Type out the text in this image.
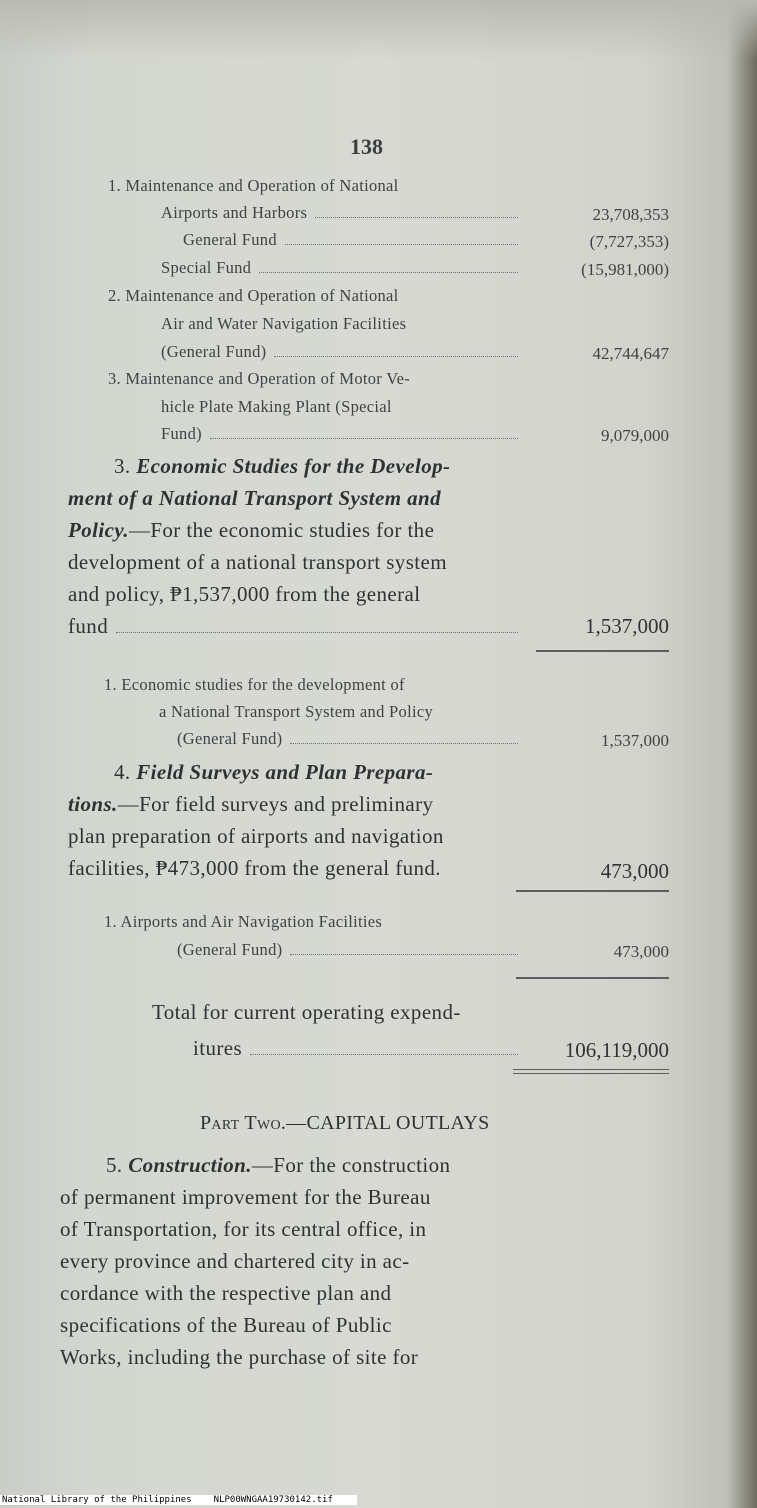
138
1. Maintenance and Operation of National
Airports and Harbors	23,708,353
General Fund	(7,727,353)
Special Fund	(15,981,000)
2. Maintenance and Operation of National
Air and Water Navigation Facilities
(General Fund)	42,744,647
3. Maintenance and Operation of Motor Ve-
hicle Plate Making Plant (Special
Fund)	9,079,000
3. Economic Studies for the Develop-
ment of a National Transport System and
Policy.—For the economic studies for the
development of a national transport system
and policy, ₱1,537,000 from the general
fund	1,537,000
1. Economic studies for the development of
a National Transport System and Policy
(General Fund)	1,537,000
4. Field Surveys and Plan Prepara-
tions.—For field surveys and preliminary
plan preparation of airports and navigation
facilities, ₱473,000 from the general fund.	473,000
1. Airports and Air Navigation Facilities
(General Fund)	473,000
Total for current operating expend-
itures	106,119,000
Part Two.—CAPITAL OUTLAYS
5. Construction.—For the construction
of permanent improvement for the Bureau
of Transportation, for its central office, in
every province and chartered city in ac-
cordance with the respective plan and
specifications of the Bureau of Public
Works, including the purchase of site for
National Library of the Philippines NLP00WNGAA19730142.tif
